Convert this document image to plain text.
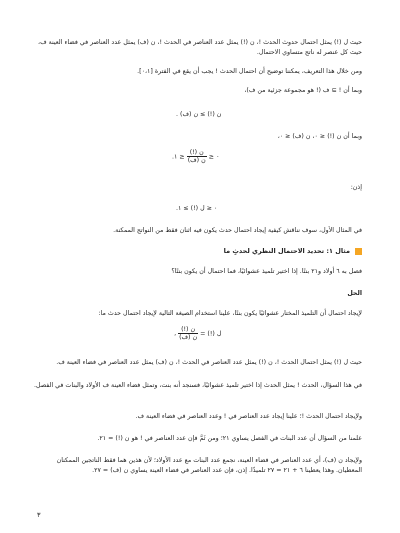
حيث ل (!) يمثل احتمال حدوث الحدث !، ن (!) يمثل عدد العناصر في الحدث !، ن (ف) يمثل عدد العناصر في فضاء العينة ف، حيث كل عنصر له ناتج متساوي الاحتمال.

ومن خلال هذا التعريف، يمكننا توضيح أن احتمال الحدث ! يجب أن يقع في الفترة [٠،١].

وبما أن ! ⊇ ف (! هو مجموعة جزئية من ف)،

ن (!) ≥ ن (ف) .

وبما أن ن (!) ≤ ٠، ن (ف) ≤ ٠،

٠ ≤
$\frac{\text{ن (!)}}{\text{ن (ف)}}$
≤ ١.

إذن:

٠ ≤ ل (!) ≥ ١.

في المثال الأول، سوف نناقش كيفية إيجاد احتمال حدث يكون فيه اثنان فقط من النواتج الممكنة.

مثال ۱: تحديد الاحتمال النظري لحدثٍ ما

فصل به ٦ أولاد و٢١ بنتًا. إذا اختير تلميذ عشوائيًا، فما احتمال أن يكون بنتًا؟

الحل

لإيجاد احتمال أن التلميذ المختار عشوائيًا يكون بنتًا، علينا استخدام الصيغة التالية لإيجاد احتمال حدث ما:

ل (!) =
$\frac{\text{ن (!)}}{\text{ن (ف)}}$
،

حيث ل (!) يمثل احتمال الحدث !، ن (!) يمثل عدد العناصر في الحدث !، ن (ف) يمثل عدد العناصر في فضاء العينة ف.

في هذا السؤال، الحدث ! يمثل الحدث إذا اختير تلميذ عشوائيًا، فسنجد أنه بنت، وتمثل فضاء العينة ف الأولاد والبنات في الفصل.

ولإيجاد احتمال الحدث !؛ علينا إيجاد عدد العناصر في ! وعدد العناصر في فضاء العينة ف.

علمنا من السؤال أن عدد البنات في الفصل يساوي ٢١؛ ومن ثَمَّ فإن عدد العناصر في ! هو ن (!) = ٢١.

ولإيجاد ن (ف)، أي عدد العناصر في فضاء العينة، نجمع عدد البنات مع عدد الأولاد؛ لأن هذين هما فقط الناتجين الممكنان المعطيان. وهذا يعطينا ٦ + ٢١ = ٢٧ تلميذًا. إذن، فإن عدد العناصر في فضاء العينة يساوي ن (ف) = ٢٧.

٣
